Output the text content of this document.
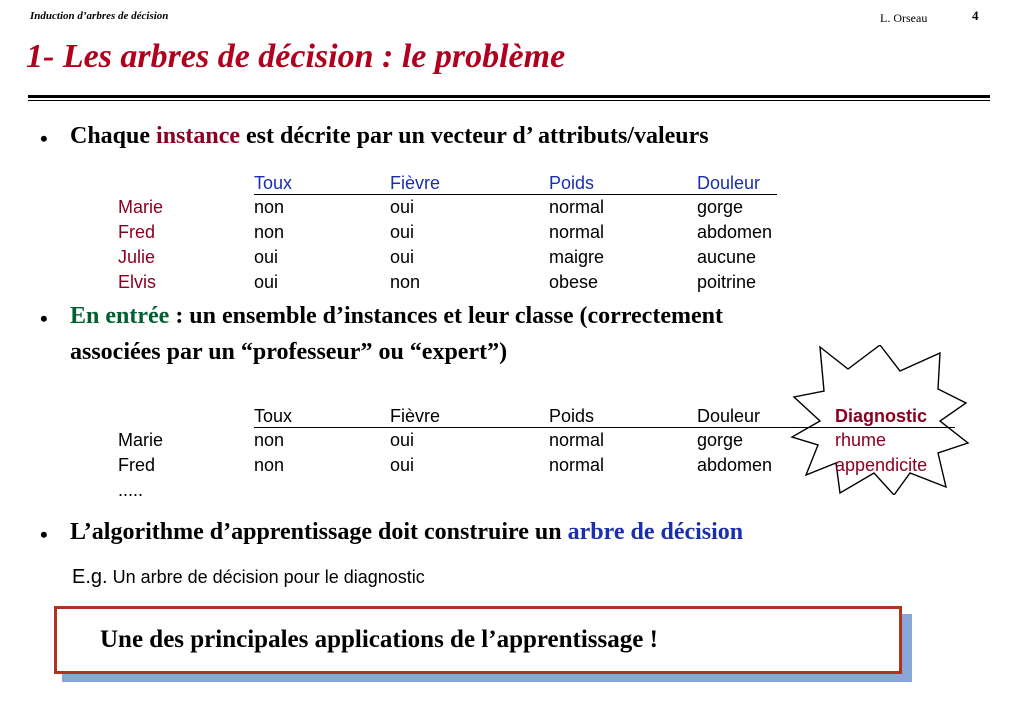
Induction d’arbres de décision	L. Orseau	4
1- Les arbres de décision : le problème
• Chaque instance est décrite par un vecteur d’ attributs/valeurs
	Toux	Fièvre	Poids	Douleur
Marie	non	oui	normal	gorge
Fred	non	oui	normal	abdomen
Julie	oui	oui	maigre	aucune
Elvis	oui	non	obese	poitrine
• En entrée : un ensemble d’instances et leur classe (correctement
associées par un “professeur” ou “expert”)
	Toux	Fièvre	Poids	Douleur	Diagnostic
Marie	non	oui	normal	gorge	rhume
Fred	non	oui	normal	abdomen	appendicite
.....					
• L’algorithme d’apprentissage doit construire un arbre de décision
E.g. Un arbre de décision pour le diagnostic
Une des principales applications de l’apprentissage !
